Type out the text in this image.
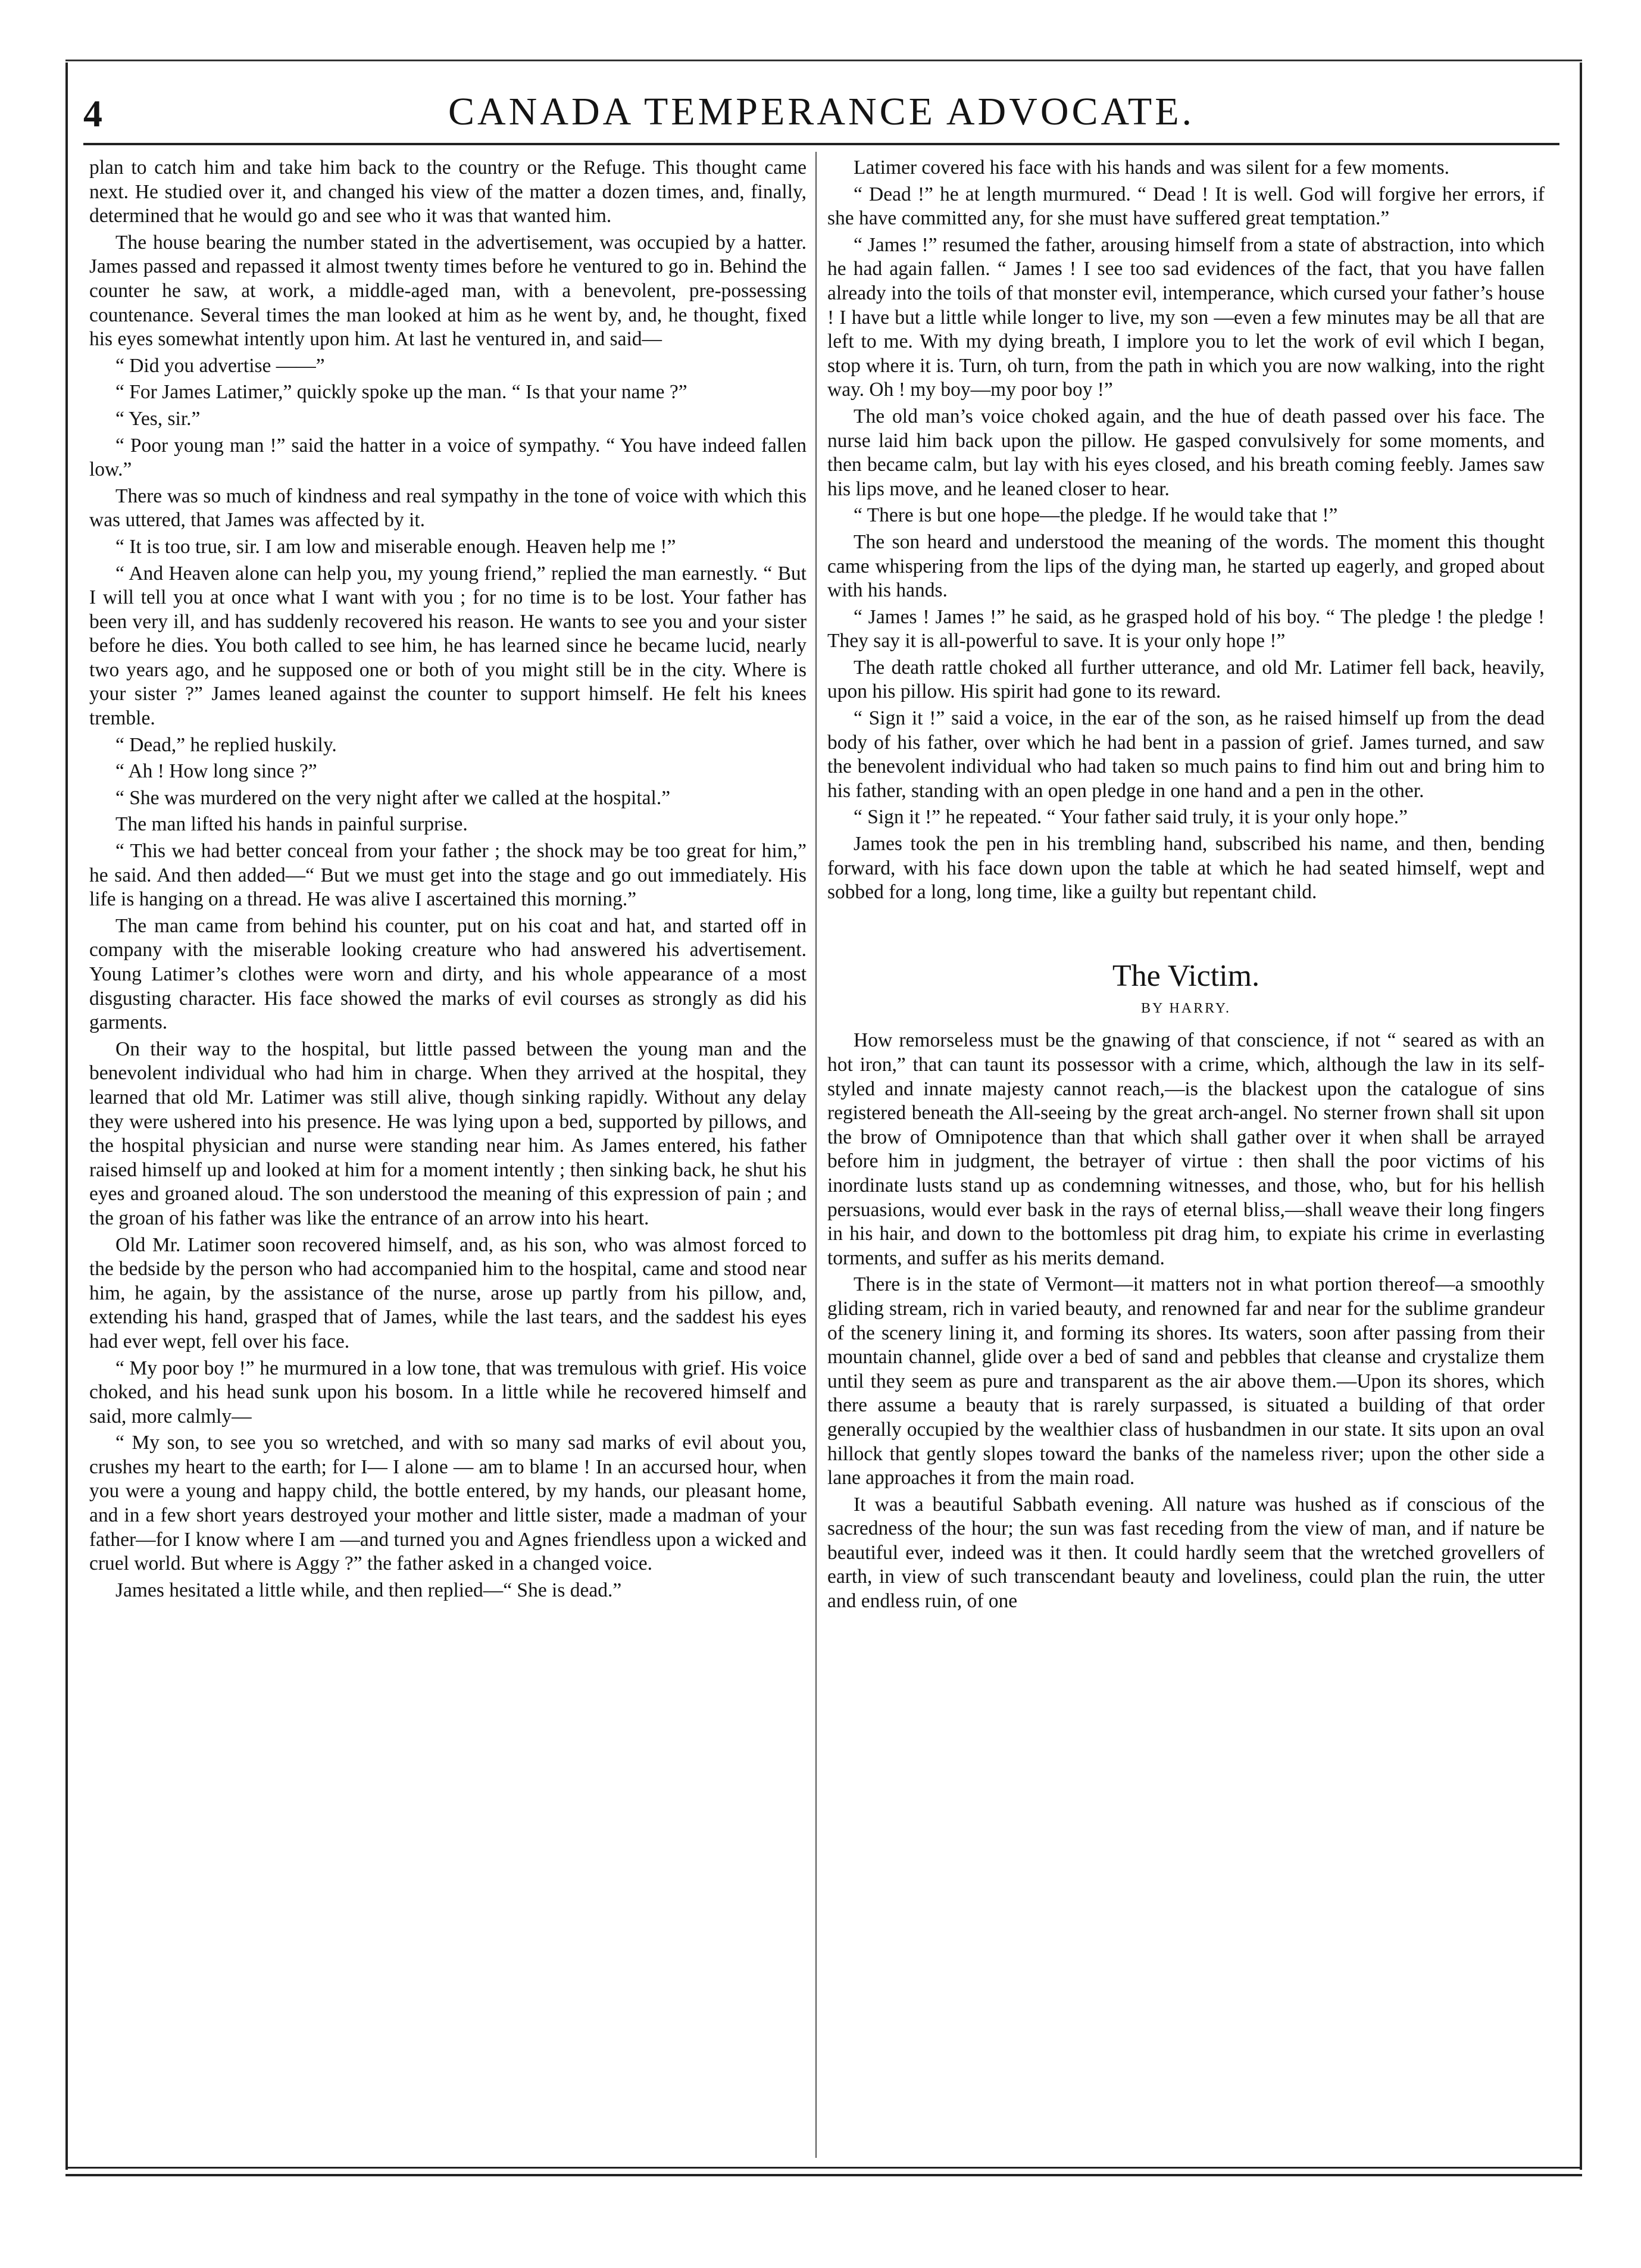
4	CANADA TEMPERANCE ADVOCATE.

plan to catch him and take him back to the country or the Refuge. This thought came next. He studied over it, and changed his view of the matter a dozen times, and, finally, determined that he would go and see who it was that wanted him.

The house bearing the number stated in the advertisement, was occupied by a hatter. James passed and repassed it almost twenty times before he ventured to go in. Behind the counter he saw, at work, a middle-aged man, with a benevolent, pre-possessing countenance. Several times the man looked at him as he went by, and, he thought, fixed his eyes somewhat intently upon him. At last he ventured in, and said—

“ Did you advertise ——”

“ For James Latimer,” quickly spoke up the man. “ Is that your name ?”

“ Yes, sir.”

“ Poor young man !” said the hatter in a voice of sympathy. “ You have indeed fallen low.”

There was so much of kindness and real sympathy in the tone of voice with which this was uttered, that James was affected by it.

“ It is too true, sir. I am low and miserable enough. Heaven help me !”

“ And Heaven alone can help you, my young friend,” replied the man earnestly. “ But I will tell you at once what I want with you ; for no time is to be lost. Your father has been very ill, and has suddenly recovered his reason. He wants to see you and your sister before he dies. You both called to see him, he has learned since he became lucid, nearly two years ago, and he supposed one or both of you might still be in the city. Where is your sister ?” James leaned against the counter to support himself. He felt his knees tremble.

“ Dead,” he replied huskily.

“ Ah ! How long since ?”

“ She was murdered on the very night after we called at the hospital.”

The man lifted his hands in painful surprise.

“ This we had better conceal from your father ; the shock may be too great for him,” he said. And then added—“ But we must get into the stage and go out immediately. His life is hanging on a thread. He was alive I ascertained this morning.”

The man came from behind his counter, put on his coat and hat, and started off in company with the miserable looking creature who had answered his advertisement. Young Latimer’s clothes were worn and dirty, and his whole appearance of a most disgusting character. His face showed the marks of evil courses as strongly as did his garments.

On their way to the hospital, but little passed between the young man and the benevolent individual who had him in charge. When they arrived at the hospital, they learned that old Mr. Latimer was still alive, though sinking rapidly. Without any delay they were ushered into his presence. He was lying upon a bed, supported by pillows, and the hospital physician and nurse were standing near him. As James entered, his father raised himself up and looked at him for a moment intently ; then sinking back, he shut his eyes and groaned aloud. The son understood the meaning of this expression of pain ; and the groan of his father was like the entrance of an arrow into his heart.

Old Mr. Latimer soon recovered himself, and, as his son, who was almost forced to the bedside by the person who had accompanied him to the hospital, came and stood near him, he again, by the assistance of the nurse, arose up partly from his pillow, and, extending his hand, grasped that of James, while the last tears, and the saddest his eyes had ever wept, fell over his face.

“ My poor boy !” he murmured in a low tone, that was tremulous with grief. His voice choked, and his head sunk upon his bosom. In a little while he recovered himself and said, more calmly—

“ My son, to see you so wretched, and with so many sad marks of evil about you, crushes my heart to the earth; for I— I alone — am to blame ! In an accursed hour, when you were a young and happy child, the bottle entered, by my hands, our pleasant home, and in a few short years destroyed your mother and little sister, made a madman of your father—for I know where I am —and turned you and Agnes friendless upon a wicked and cruel world. But where is Aggy ?” the father asked in a changed voice.

James hesitated a little while, and then replied—“ She is dead.”

Latimer covered his face with his hands and was silent for a few moments.

“ Dead !” he at length murmured. “ Dead ! It is well. God will forgive her errors, if she have committed any, for she must have suffered great temptation.”

“ James !” resumed the father, arousing himself from a state of abstraction, into which he had again fallen. “ James ! I see too sad evidences of the fact, that you have fallen already into the toils of that monster evil, intemperance, which cursed your father’s house ! I have but a little while longer to live, my son —even a few minutes may be all that are left to me. With my dying breath, I implore you to let the work of evil which I began, stop where it is. Turn, oh turn, from the path in which you are now walking, into the right way. Oh ! my boy—my poor boy !”

The old man’s voice choked again, and the hue of death passed over his face. The nurse laid him back upon the pillow. He gasped convulsively for some moments, and then became calm, but lay with his eyes closed, and his breath coming feebly. James saw his lips move, and he leaned closer to hear.

“ There is but one hope—the pledge. If he would take that !”

The son heard and understood the meaning of the words. The moment this thought came whispering from the lips of the dying man, he started up eagerly, and groped about with his hands.

“ James ! James !” he said, as he grasped hold of his boy. “ The pledge ! the pledge ! They say it is all-powerful to save. It is your only hope !”

The death rattle choked all further utterance, and old Mr. Latimer fell back, heavily, upon his pillow. His spirit had gone to its reward.

“ Sign it !” said a voice, in the ear of the son, as he raised himself up from the dead body of his father, over which he had bent in a passion of grief. James turned, and saw the benevolent individual who had taken so much pains to find him out and bring him to his father, standing with an open pledge in one hand and a pen in the other.

“ Sign it !” he repeated. “ Your father said truly, it is your only hope.”

James took the pen in his trembling hand, subscribed his name, and then, bending forward, with his face down upon the table at which he had seated himself, wept and sobbed for a long, long time, like a guilty but repentant child.

The Victim.
BY HARRY.

How remorseless must be the gnawing of that conscience, if not “ seared as with an hot iron,” that can taunt its possessor with a crime, which, although the law in its self-styled and innate majesty cannot reach,—is the blackest upon the catalogue of sins registered beneath the All-seeing by the great arch-angel. No sterner frown shall sit upon the brow of Omnipotence than that which shall gather over it when shall be arrayed before him in judgment, the betrayer of virtue : then shall the poor victims of his inordinate lusts stand up as condemning witnesses, and those, who, but for his hellish persuasions, would ever bask in the rays of eternal bliss,—shall weave their long fingers in his hair, and down to the bottomless pit drag him, to expiate his crime in everlasting torments, and suffer as his merits demand.

There is in the state of Vermont—it matters not in what portion thereof—a smoothly gliding stream, rich in varied beauty, and renowned far and near for the sublime grandeur of the scenery lining it, and forming its shores. Its waters, soon after passing from their mountain channel, glide over a bed of sand and pebbles that cleanse and crystalize them until they seem as pure and transparent as the air above them.—Upon its shores, which there assume a beauty that is rarely surpassed, is situated a building of that order generally occupied by the wealthier class of husbandmen in our state. It sits upon an oval hillock that gently slopes toward the banks of the nameless river; upon the other side a lane approaches it from the main road.

It was a beautiful Sabbath evening. All nature was hushed as if conscious of the sacredness of the hour; the sun was fast receding from the view of man, and if nature be beautiful ever, indeed was it then. It could hardly seem that the wretched grovellers of earth, in view of such transcendant beauty and loveliness, could plan the ruin, the utter and endless ruin, of one
